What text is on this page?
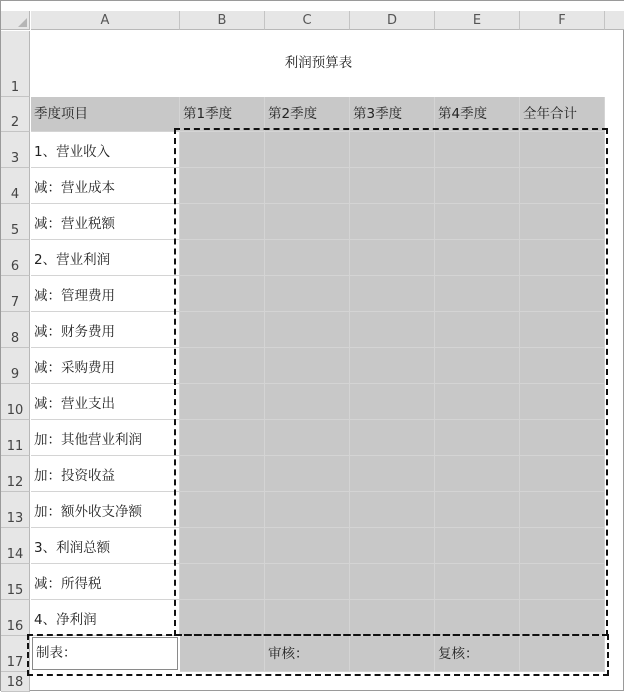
A	B	C	D	E	F
1
2
3
4
5
6
7
8
9
10
11
12
13
14
15
16
17
18
利润预算表
季度项目	第1季度	第2季度	第3季度	第4季度	全年合计
1、营业收入
减：营业成本
减：营业税额
2、营业利润
减：管理费用
减：财务费用
减：采购费用
减：营业支出
加：其他营业利润
加：投资收益
加：额外收支净额
3、利润总额
减：所得税
4、净利润
制表：	审核：	复核：
